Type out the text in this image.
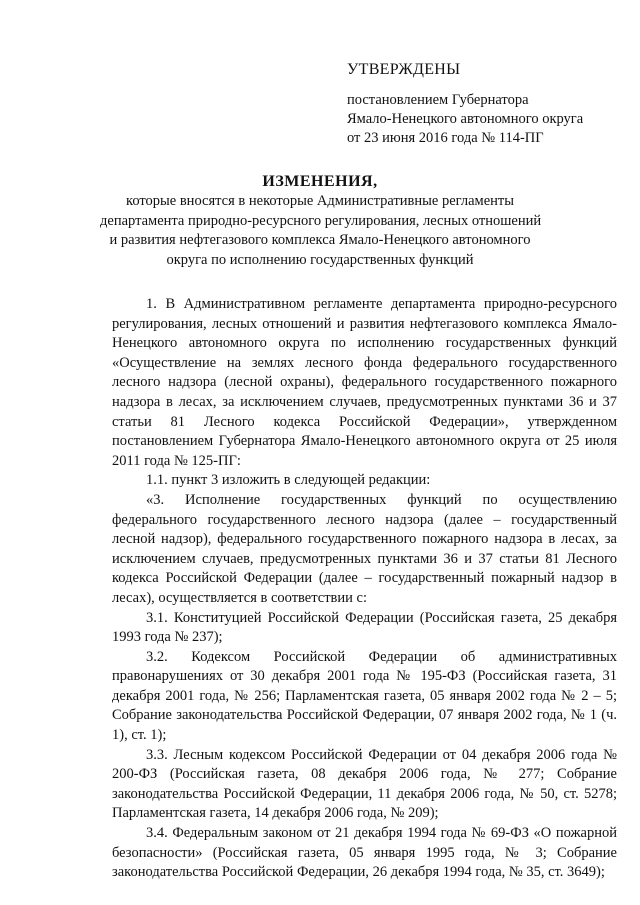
УТВЕРЖДЕНЫ
постановлением Губернатора
Ямало-Ненецкого автономного округа
от 23 июня 2016 года № 114-ПГ
ИЗМЕНЕНИЯ,
которые вносятся в некоторые Административные регламенты
департамента природно-ресурсного регулирования, лесных отношений
и развития нефтегазового комплекса Ямало-Ненецкого автономного
округа по исполнению государственных функций

1. В Административном регламенте департамента природно-ресурсного регулирования, лесных отношений и развития нефтегазового комплекса Ямало-Ненецкого автономного округа по исполнению государственных функций «Осуществление на землях лесного фонда федерального государственного лесного надзора (лесной охраны), федерального государственного пожарного надзора в лесах, за исключением случаев, предусмотренных пунктами 36 и 37 статьи 81 Лесного кодекса Российской Федерации», утвержденном постановлением Губернатора Ямало-Ненецкого автономного округа от 25 июля 2011 года № 125-ПГ:

1.1. пункт 3 изложить в следующей редакции:

«3. Исполнение государственных функций по осуществлению федерального государственного лесного надзора (далее – государственный лесной надзор), федерального государственного пожарного надзора в лесах, за исключением случаев, предусмотренных пунктами 36 и 37 статьи 81 Лесного кодекса Российской Федерации (далее – государственный пожарный надзор в лесах), осуществляется в соответствии с:

3.1. Конституцией Российской Федерации (Российская газета, 25 декабря 1993 года № 237);

3.2. Кодексом Российской Федерации об административных правонарушениях от 30 декабря 2001 года № 195-ФЗ (Российская газета, 31 декабря 2001 года, № 256; Парламентская газета, 05 января 2002 года № 2 – 5; Собрание законодательства Российской Федерации, 07 января 2002 года, № 1 (ч. 1), ст. 1);

3.3. Лесным кодексом Российской Федерации от 04 декабря 2006 года № 200-ФЗ (Российская газета, 08 декабря 2006 года, № 277; Собрание законодательства Российской Федерации, 11 декабря 2006 года, № 50, ст. 5278; Парламентская газета, 14 декабря 2006 года, № 209);

3.4. Федеральным законом от 21 декабря 1994 года № 69-ФЗ «О пожарной безопасности» (Российская газета, 05 января 1995 года, № 3; Собрание законодательства Российской Федерации, 26 декабря 1994 года, № 35, ст. 3649);
